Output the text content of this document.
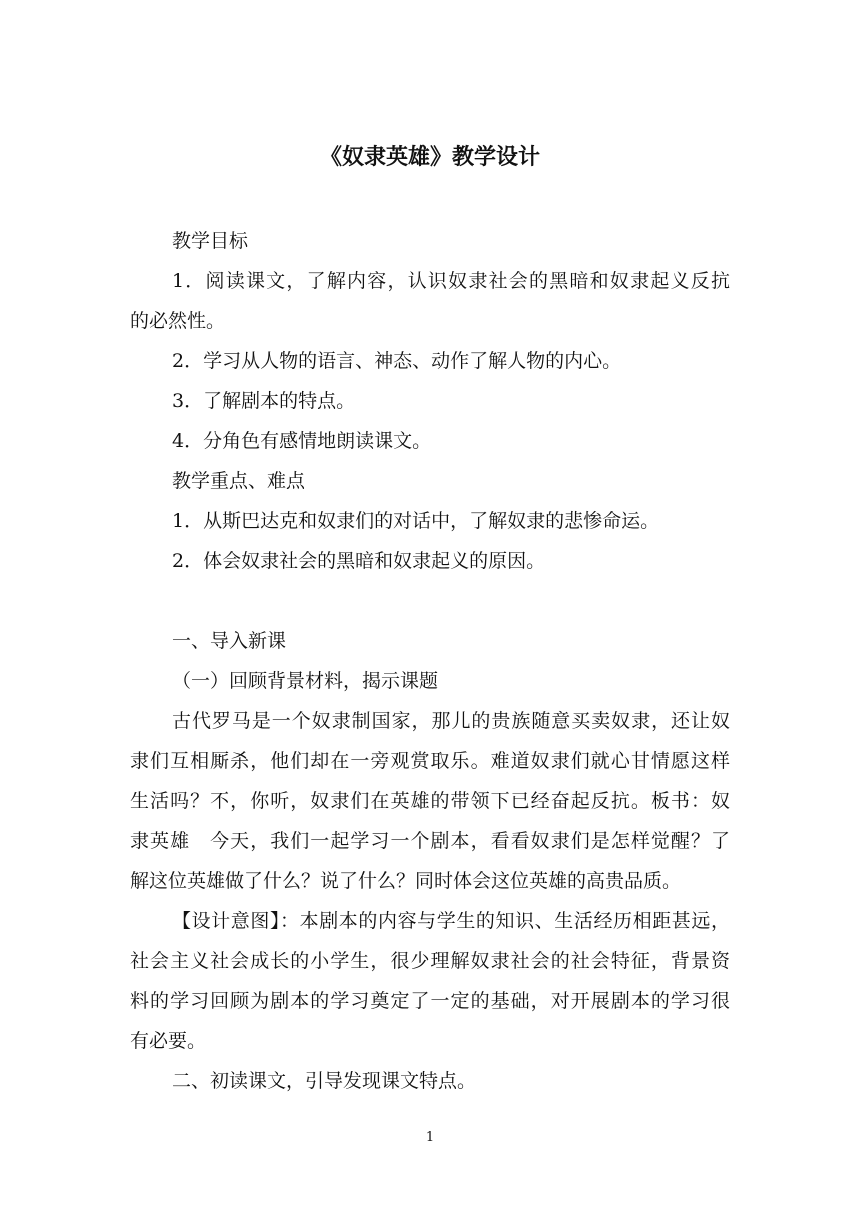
《奴隶英雄》教学设计
教学目标
1．阅读课文，了解内容，认识奴隶社会的黑暗和奴隶起义反抗
的必然性。
2．学习从人物的语言、神态、动作了解人物的内心。
3．了解剧本的特点。
4．分角色有感情地朗读课文。
教学重点、难点
1．从斯巴达克和奴隶们的对话中，了解奴隶的悲惨命运。
2．体会奴隶社会的黑暗和奴隶起义的原因。
一、导入新课
（一）回顾背景材料，揭示课题
古代罗马是一个奴隶制国家，那儿的贵族随意买卖奴隶，还让奴
隶们互相厮杀，他们却在一旁观赏取乐。难道奴隶们就心甘情愿这样
生活吗？不，你听，奴隶们在英雄的带领下已经奋起反抗。板书：奴
隶英雄　今天，我们一起学习一个剧本，看看奴隶们是怎样觉醒？了
解这位英雄做了什么？说了什么？同时体会这位英雄的高贵品质。
【设计意图】：本剧本的内容与学生的知识、生活经历相距甚远，
社会主义社会成长的小学生，很少理解奴隶社会的社会特征，背景资
料的学习回顾为剧本的学习奠定了一定的基础，对开展剧本的学习很
有必要。
二、初读课文，引导发现课文特点。
1
